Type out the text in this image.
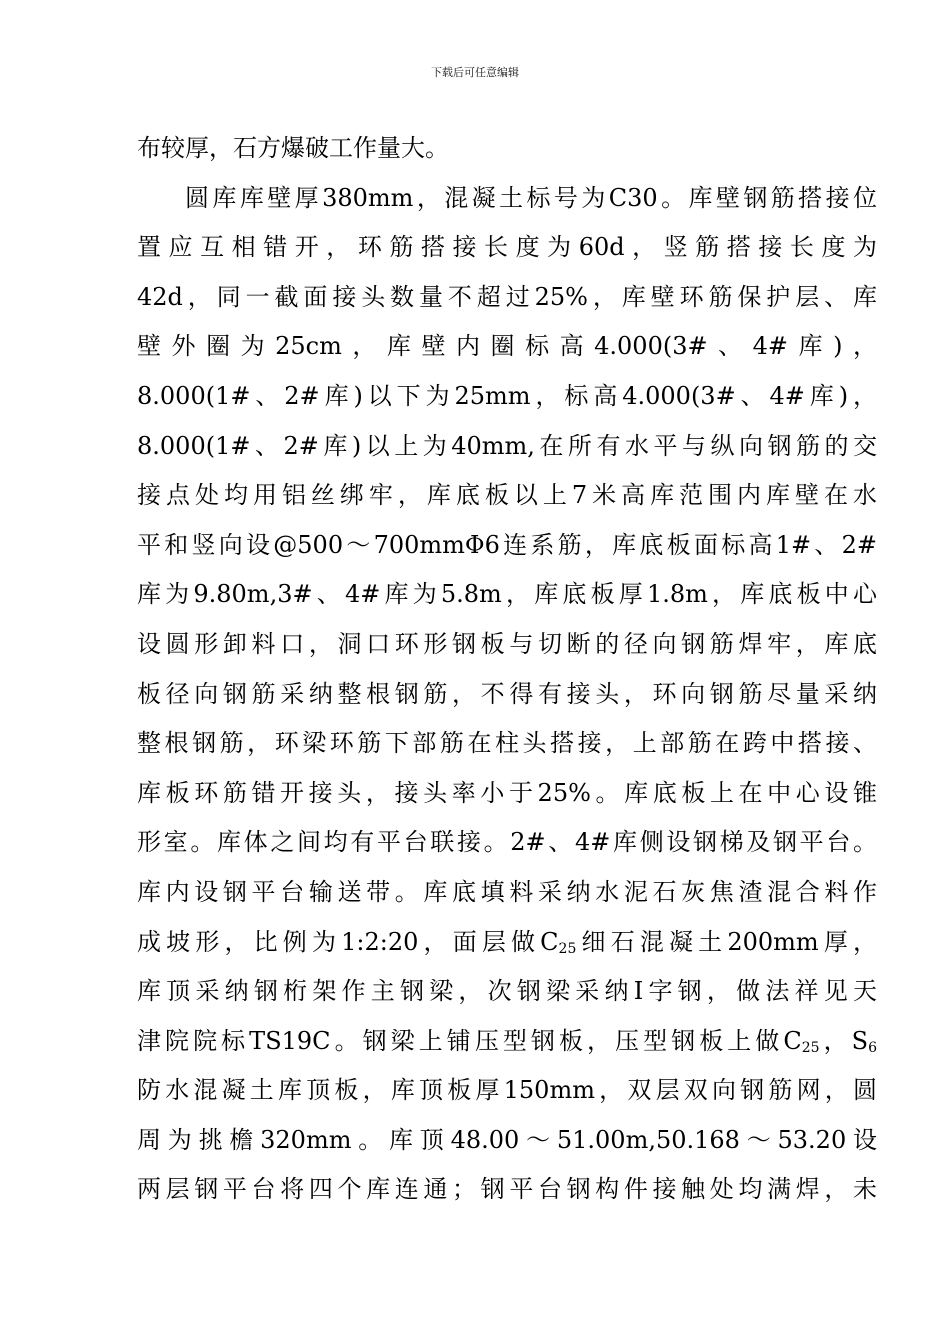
下载后可任意编辑
布较厚，石方爆破工作量大。
圆库库壁厚380mm，混凝土标号为C30。库壁钢筋搭接位
置应互相错开，环筋搭接长度为60d，竖筋搭接长度为
42d，同一截面接头数量不超过25%，库壁环筋保护层、库
壁外圈为25cm，库壁内圈标高4.000(3#、4#库)，
8.000(1#、2#库)以下为25mm，标高4.000(3#、4#库)，
8.000(1#、2#库)以上为40mm,在所有水平与纵向钢筋的交
接点处均用铝丝绑牢，库底板以上7米高库范围内库壁在水
平和竖向设@500～700mmΦ6连系筋，库底板面标高1#、2#
库为9.80m,3#、4#库为5.8m，库底板厚1.8m，库底板中心
设圆形卸料口，洞口环形钢板与切断的径向钢筋焊牢，库底
板径向钢筋采纳整根钢筋，不得有接头，环向钢筋尽量采纳
整根钢筋，环梁环筋下部筋在柱头搭接，上部筋在跨中搭接、
库板环筋错开接头，接头率小于25%。库底板上在中心设锥
形室。库体之间均有平台联接。2#、4#库侧设钢梯及钢平台。
库内设钢平台输送带。库底填料采纳水泥石灰焦渣混合料作
成坡形，比例为1:2:20，面层做$C_{25}$细石混凝土200mm厚，
库顶采纳钢桁架作主钢梁，次钢梁采纳I字钢，做法祥见天
津院院标TS19C。钢梁上铺压型钢板，压型钢板上做$C_{25}$，$S_6$
防水混凝土库顶板，库顶板厚150mm，双层双向钢筋网，圆
周为挑檐320mm。库顶48.00～51.00m,50.168～53.20设
两层钢平台将四个库连通；钢平台钢构件接触处均满焊，未
